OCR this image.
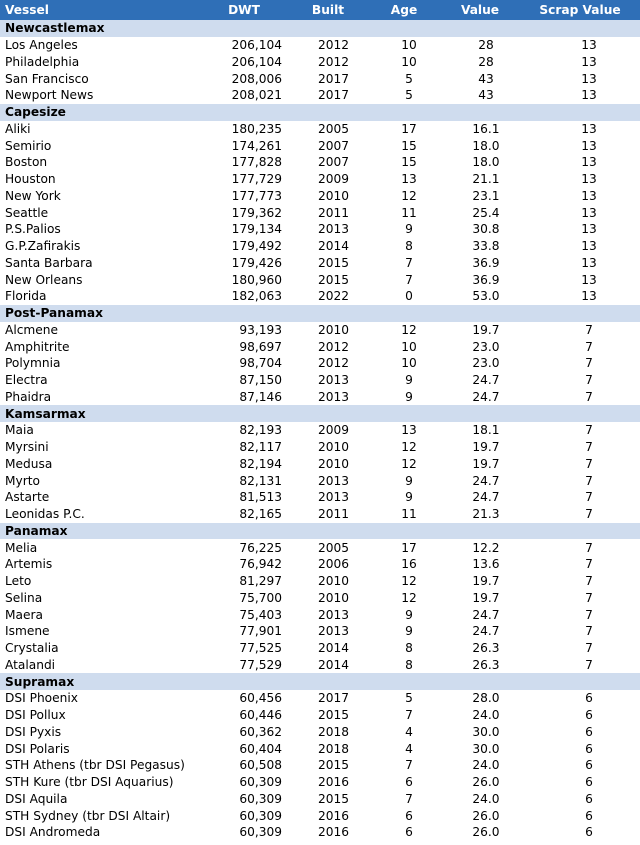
Vessel	DWT	Built	Age	Value	Scrap Value
Newcastlemax					
Los Angeles	206,104	2012	10	28	13
Philadelphia	206,104	2012	10	28	13
San Francisco	208,006	2017	5	43	13
Newport News	208,021	2017	5	43	13
Capesize					
Aliki	180,235	2005	17	16.1	13
Semirio	174,261	2007	15	18.0	13
Boston	177,828	2007	15	18.0	13
Houston	177,729	2009	13	21.1	13
New York	177,773	2010	12	23.1	13
Seattle	179,362	2011	11	25.4	13
P.S.Palios	179,134	2013	9	30.8	13
G.P.Zafirakis	179,492	2014	8	33.8	13
Santa Barbara	179,426	2015	7	36.9	13
New Orleans	180,960	2015	7	36.9	13
Florida	182,063	2022	0	53.0	13
Post-Panamax					
Alcmene	93,193	2010	12	19.7	7
Amphitrite	98,697	2012	10	23.0	7
Polymnia	98,704	2012	10	23.0	7
Electra	87,150	2013	9	24.7	7
Phaidra	87,146	2013	9	24.7	7
Kamsarmax					
Maia	82,193	2009	13	18.1	7
Myrsini	82,117	2010	12	19.7	7
Medusa	82,194	2010	12	19.7	7
Myrto	82,131	2013	9	24.7	7
Astarte	81,513	2013	9	24.7	7
Leonidas P.C.	82,165	2011	11	21.3	7
Panamax					
Melia	76,225	2005	17	12.2	7
Artemis	76,942	2006	16	13.6	7
Leto	81,297	2010	12	19.7	7
Selina	75,700	2010	12	19.7	7
Maera	75,403	2013	9	24.7	7
Ismene	77,901	2013	9	24.7	7
Crystalia	77,525	2014	8	26.3	7
Atalandi	77,529	2014	8	26.3	7
Supramax					
DSI Phoenix	60,456	2017	5	28.0	6
DSI Pollux	60,446	2015	7	24.0	6
DSI Pyxis	60,362	2018	4	30.0	6
DSI Polaris	60,404	2018	4	30.0	6
STH Athens (tbr DSI Pegasus)	60,508	2015	7	24.0	6
STH Kure (tbr DSI Aquarius)	60,309	2016	6	26.0	6
DSI Aquila	60,309	2015	7	24.0	6
STH Sydney (tbr DSI Altair)	60,309	2016	6	26.0	6
DSI Andromeda	60,309	2016	6	26.0	6
